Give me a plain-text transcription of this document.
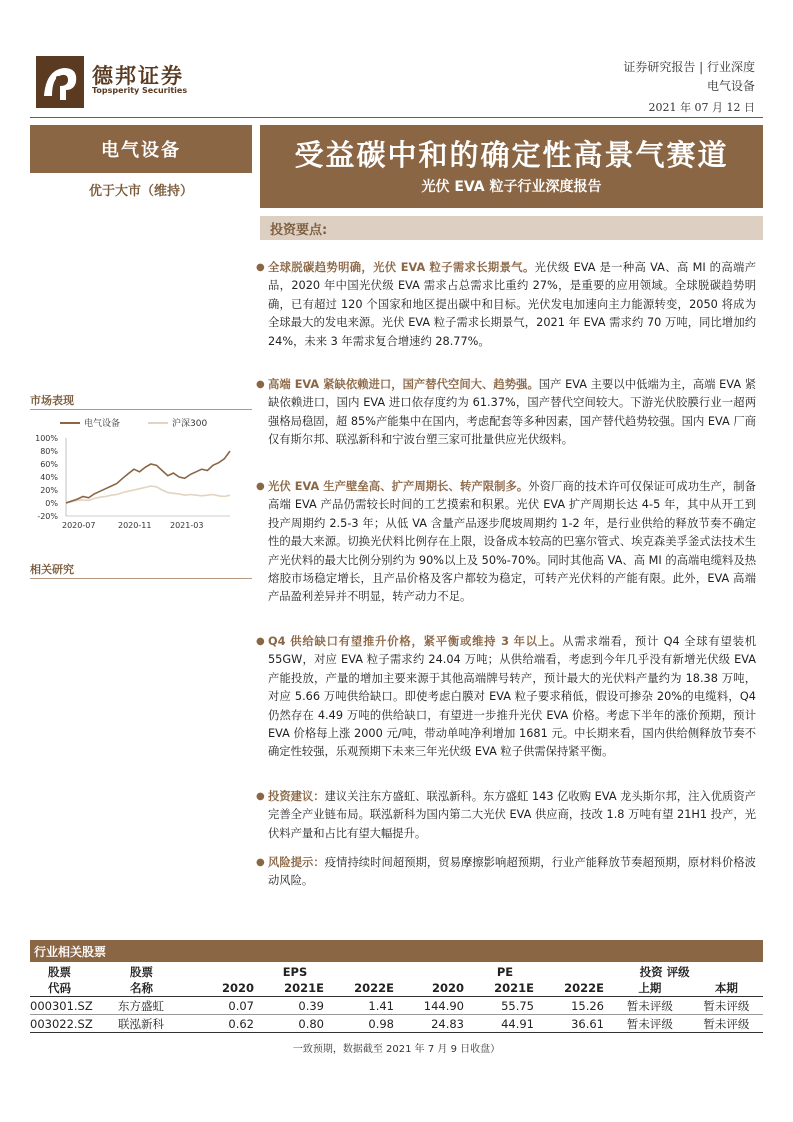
德邦证券
Topsperity Securities
证券研究报告 | 行业深度
电气设备
2021 年 07 月 12 日
电气设备
优于大市（维持）
受益碳中和的确定性高景气赛道
光伏 EVA 粒子行业深度报告
投资要点:
● 全球脱碳趋势明确，光伏 EVA 粒子需求长期景气。光伏级 EVA 是一种高 VA、高 MI 的高端产品，2020 年中国光伏级 EVA 需求占总需求比重约 27%，是重要的应用领域。全球脱碳趋势明确，已有超过 120 个国家和地区提出碳中和目标。光伏发电加速向主力能源转变，2050 将成为全球最大的发电来源。光伏 EVA 粒子需求长期景气，2021 年 EVA 需求约 70 万吨，同比增加约 24%，未来 3 年需求复合增速约 28.77%。
● 高端 EVA 紧缺依赖进口，国产替代空间大、趋势强。国产 EVA 主要以中低端为主，高端 EVA 紧缺依赖进口，国内 EVA 进口依存度约为 61.37%，国产替代空间较大。下游光伏胶膜行业一超两强格局稳固，超 85%产能集中在国内，考虑配套等多种因素，国产替代趋势较强。国内 EVA 厂商仅有斯尔邦、联泓新科和宁波台塑三家可批量供应光伏级料。
● 光伏 EVA 生产壁垒高、扩产周期长、转产限制多。外资厂商的技术许可仅保证可成功生产，制备高端 EVA 产品仍需较长时间的工艺摸索和积累。光伏 EVA 扩产周期长达 4-5 年，其中从开工到投产周期约 2.5-3 年；从低 VA 含量产品逐步爬坡周期约 1-2 年，是行业供给的释放节奏不确定性的最大来源。切换光伏料比例存在上限，设备成本较高的巴塞尔管式、埃克森美孚釜式法技术生产光伏料的最大比例分别约为 90%以上及 50%-70%。同时其他高 VA、高 MI 的高端电缆料及热熔胶市场稳定增长，且产品价格及客户都较为稳定，可转产光伏料的产能有限。此外，EVA 高端产品盈利差异并不明显，转产动力不足。
● Q4 供给缺口有望推升价格，紧平衡或维持 3 年以上。从需求端看，预计 Q4 全球有望装机 55GW，对应 EVA 粒子需求约 24.04 万吨；从供给端看，考虑到今年几乎没有新增光伏级 EVA 产能投放，产量的增加主要来源于其他高端牌号转产，预计最大的光伏料产量约为 18.38 万吨，对应 5.66 万吨供给缺口。即使考虑白膜对 EVA 粒子要求稍低，假设可掺杂 20%的电缆料，Q4 仍然存在 4.49 万吨的供给缺口，有望进一步推升光伏 EVA 价格。考虑下半年的涨价预期，预计 EVA 价格每上涨 2000 元/吨，带动单吨净利增加 1681 元。中长期来看，国内供给侧释放节奏不确定性较强，乐观预期下未来三年光伏级 EVA 粒子供需保持紧平衡。
● 投资建议：建议关注东方盛虹、联泓新科。东方盛虹 143 亿收购 EVA 龙头斯尔邦，注入优质资产完善全产业链布局。联泓新科为国内第二大光伏 EVA 供应商，技改 1.8 万吨有望 21H1 投产，光伏料产量和占比有望大幅提升。
● 风险提示：疫情持续时间超预期，贸易摩擦影响超预期，行业产能释放节奏超预期，原材料价格波动风险。
市场表现
电气设备	沪深300
100%
80%
60%
40%
20%
0%
-20%
2020-07	2020-11 2021-03
相关研究
行业相关股票
股票	股票		EPS			PE		投资 评级	
代码	名称	2020	2021E	2022E	2020	2021E	2022E	上期	本期
000301.SZ	东方盛虹	0.07	0.39	1.41	144.90	55.75	15.26	暂未评级	暂未评级
003022.SZ	联泓新科	0.62	0.80	0.98	24.83	44.91	36.61	暂未评级	暂未评级
一致预期，数据截至 2021 年 7 月 9 日收盘）
